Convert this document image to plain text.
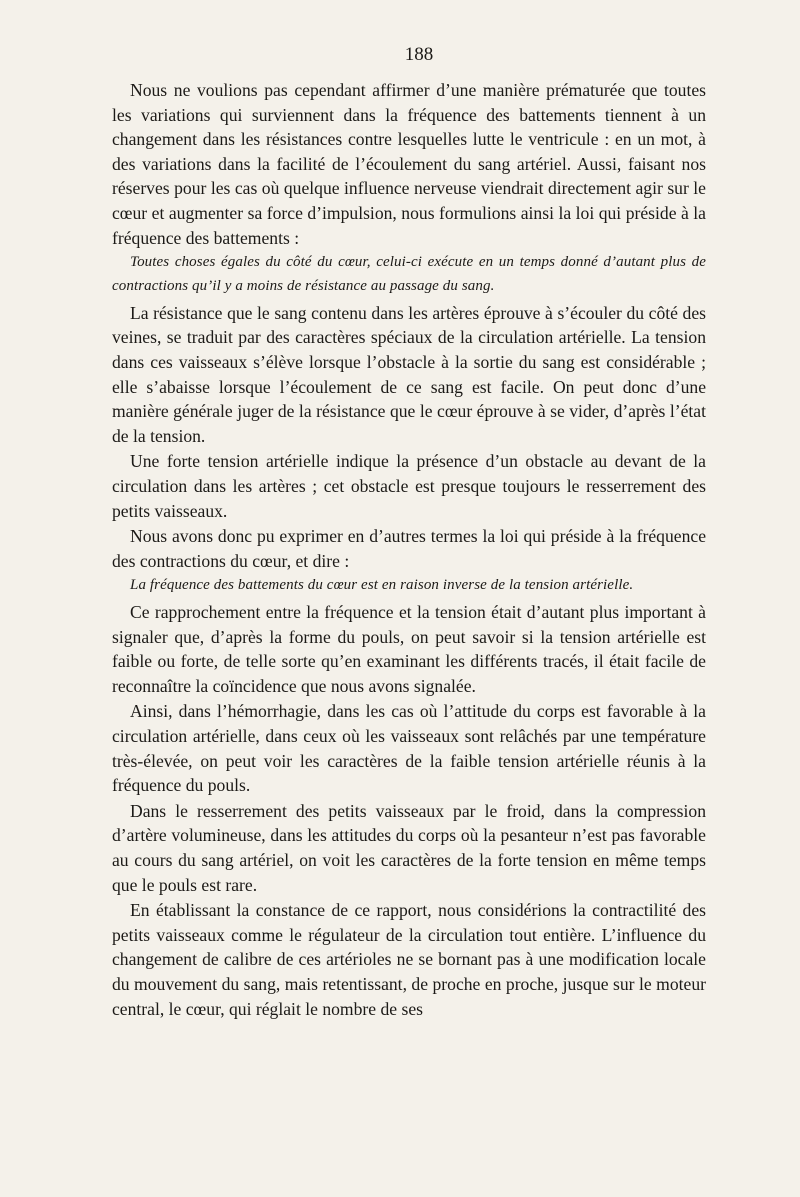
188

Nous ne voulions pas cependant affirmer d’une manière prématurée que toutes les variations qui surviennent dans la fréquence des battements tiennent à un changement dans les résistances contre lesquelles lutte le ventricule : en un mot, à des variations dans la facilité de l’écoulement du sang artériel. Aussi, faisant nos réserves pour les cas où quelque influence nerveuse viendrait directement agir sur le cœur et augmenter sa force d’impulsion, nous formulions ainsi la loi qui préside à la fréquence des battements :

Toutes choses égales du côté du cœur, celui-ci exécute en un temps donné d’autant plus de contractions qu’il y a moins de résistance au passage du sang.

La résistance que le sang contenu dans les artères éprouve à s’écouler du côté des veines, se traduit par des caractères spéciaux de la circulation artérielle. La tension dans ces vaisseaux s’élève lorsque l’obstacle à la sortie du sang est considérable ; elle s’abaisse lorsque l’écoulement de ce sang est facile. On peut donc d’une manière générale juger de la résistance que le cœur éprouve à se vider, d’après l’état de la tension.

Une forte tension artérielle indique la présence d’un obstacle au devant de la circulation dans les artères ; cet obstacle est presque toujours le resserrement des petits vaisseaux.

Nous avons donc pu exprimer en d’autres termes la loi qui préside à la fréquence des contractions du cœur, et dire :

La fréquence des battements du cœur est en raison inverse de la tension artérielle.

Ce rapprochement entre la fréquence et la tension était d’autant plus important à signaler que, d’après la forme du pouls, on peut savoir si la tension artérielle est faible ou forte, de telle sorte qu’en examinant les différents tracés, il était facile de reconnaître la coïncidence que nous avons signalée.

Ainsi, dans l’hémorrhagie, dans les cas où l’attitude du corps est favorable à la circulation artérielle, dans ceux où les vaisseaux sont relâchés par une température très-élevée, on peut voir les caractères de la faible tension artérielle réunis à la fréquence du pouls.

Dans le resserrement des petits vaisseaux par le froid, dans la compression d’artère volumineuse, dans les attitudes du corps où la pesanteur n’est pas favorable au cours du sang artériel, on voit les caractères de la forte tension en même temps que le pouls est rare.

En établissant la constance de ce rapport, nous considérions la contractilité des petits vaisseaux comme le régulateur de la circulation tout entière. L’influence du changement de calibre de ces artérioles ne se bornant pas à une modification locale du mouvement du sang, mais retentissant, de proche en proche, jusque sur le moteur central, le cœur, qui réglait le nombre de ses
